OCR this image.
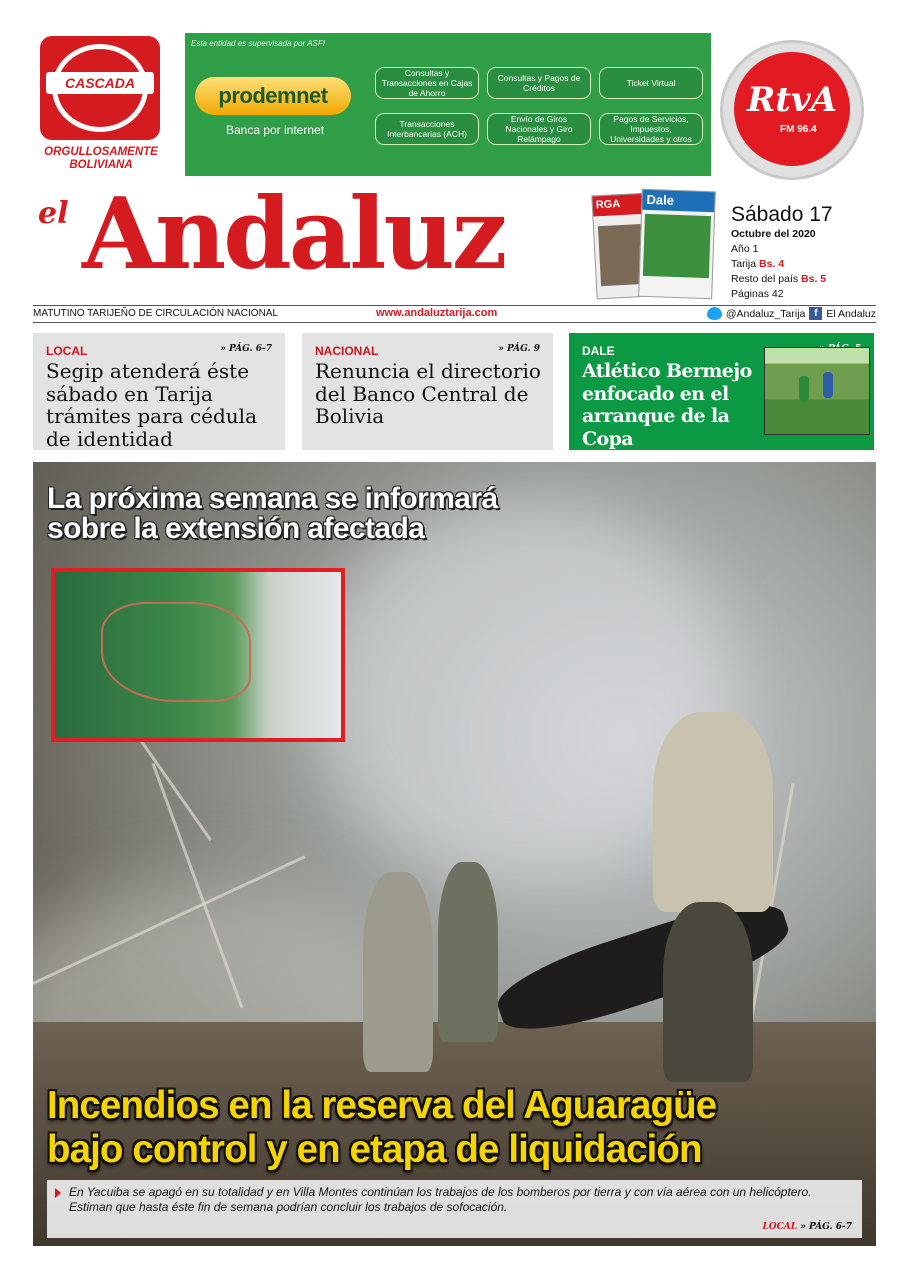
CASCADA
ORGULLOSAMENTE
BOLIVIANA
Esta entidad es supervisada por ASFI
prodemnet
Banca por internet
Consultas y Transacciones en Cajas de Ahorro
Consultas y Pagos de Créditos	Ticket Virtual
Transacciones Interbancarias (ACH)
Envío de Giros Nacionales y Giro Relámpago
Pagos de Servicios, Impuestos, Universidades y otros
RtvA
FM 96.4
el Andaluz	RGA	Dale
Sábado 17
Octubre del 2020
Año 1
Tarija Bs. 4
Resto del país Bs. 5
Páginas 42
MATUTINO TARIJEÑO DE CIRCULACIÓN NACIONAL	www.andaluztarija.com	@Andaluz_Tarija f El Andaluz
LOCAL	» PÁG. 6-7
Segip atenderá éste sábado en Tarija trámites para cédula de identidad
NACIONAL	» PÁG. 9
Renuncia el directorio del Banco Central de Bolivia
DALE
Atlético Bermejo enfocado en el arranque de la Copa
La próxima semana se informará
sobre la extensión afectada
Incendios en la reserva del Aguaragüe
bajo control y en etapa de liquidación
En Yacuiba se apagó en su totalidad y en Villa Montes continúan los trabajos de los bomberos por tierra y con vía aérea con un helicóptero. Estiman que hasta éste fin de semana podrían concluir los trabajos de sofocación.
LOCAL » PÁG. 6-7
